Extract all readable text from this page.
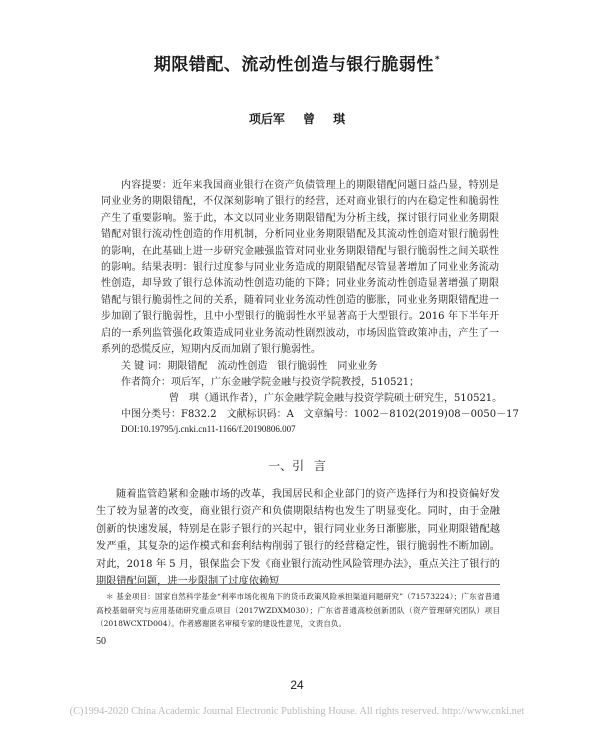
期限错配、流动性创造与银行脆弱性*
项后军 曾 琪
内容提要：近年来我国商业银行在资产负债管理上的期限错配问题日益凸显，特别是同业业务的期限错配，不仅深刻影响了银行的经营，还对商业银行的内在稳定性和脆弱性产生了重要影响。鉴于此，本文以同业业务期限错配为分析主线，探讨银行同业业务期限错配对银行流动性创造的作用机制，分析同业业务期限错配及其流动性创造对银行脆弱性的影响，在此基础上进一步研究金融强监管对同业业务期限错配与银行脆弱性之间关联性的影响。结果表明：银行过度参与同业业务造成的期限错配尽管显著增加了同业业务流动性创造，却导致了银行总体流动性创造功能的下降；同业业务流动性创造显著增强了期限错配与银行脆弱性之间的关系，随着同业业务流动性创造的膨胀，同业业务期限错配进一步加剧了银行脆弱性，且中小型银行的脆弱性水平显著高于大型银行。2016 年下半年开启的一系列监管强化政策造成同业业务流动性剧烈波动，市场因监管政策冲击，产生了一系列的恐慌反应，短期内反而加剧了银行脆弱性。
关 键 词：期限错配　流动性创造　银行脆弱性　同业业务
作者简介：项后军，广东金融学院金融与投资学院教授，510521；
曾　琪（通讯作者），广东金融学院金融与投资学院硕士研究生，510521。
中图分类号：F832.2　文献标识码：A　文章编号：1002－8102(2019)08－0050－17
DOI:10.19795/j.cnki.cn11-1166/f.20190806.007
一、引 言
随着监管趋紧和金融市场的改革，我国居民和企业部门的资产选择行为和投资偏好发生了较为显著的改变，商业银行资产和负债期限结构也发生了明显变化。同时，由于金融创新的快速发展，特别是在影子银行的兴起中，银行同业业务日渐膨胀，同业期限错配越发严重，其复杂的运作模式和套利结构削弱了银行的经营稳定性，银行脆弱性不断加剧。对此，2018 年 5 月，银保监会下发《商业银行流动性风险管理办法》，重点关注了银行的期限错配问题，进一步限制了过度依赖短
＊ 基金项目：国家自然科学基金“利率市场化视角下的货币政策风险承担渠道问题研究”（71573224）；广东省普通高校基础研究与应用基础研究重点项目（2017WZDXM030）；广东省普通高校创新团队（资产管理研究团队）项目（2018WCXTD004）。作者感谢匿名审稿专家的建设性意见，文责自负。
50
24
(C)1994-2020 China Academic Journal Electronic Publishing House. All rights reserved. http://www.cnki.net
